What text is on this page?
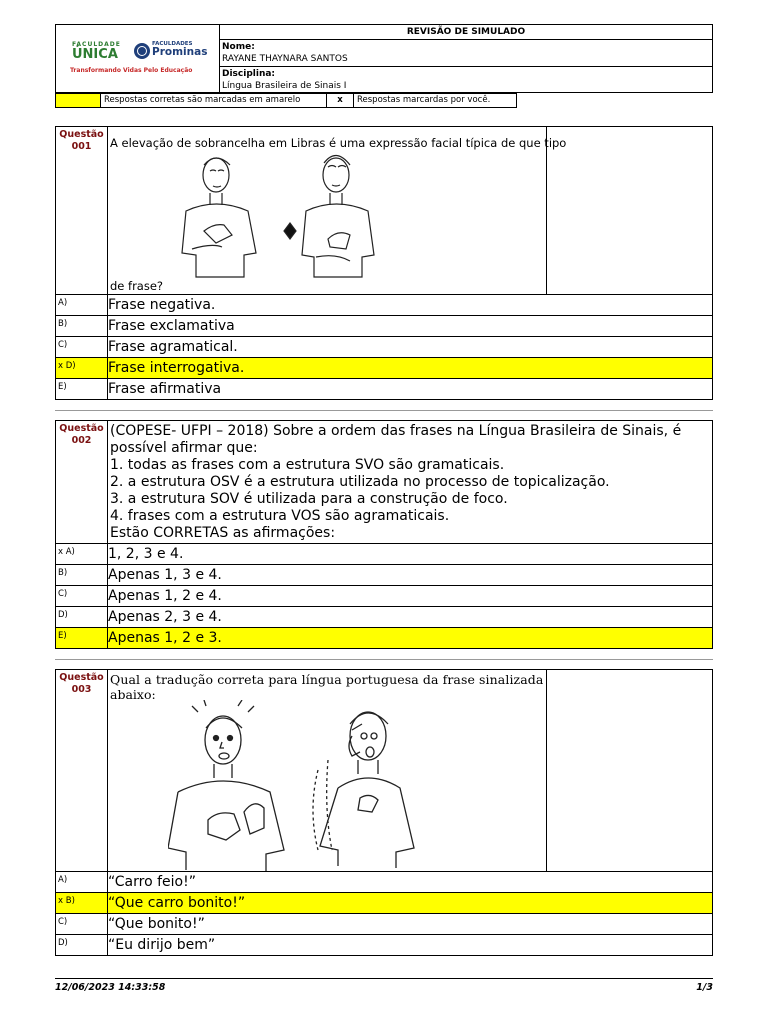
FACULDADE
ÚNICA
FACULDADES
Prominas
Transformando Vidas Pelo Educação
REVISÃO DE SIMULADO
Nome:
RAYANE THAYNARA SANTOS
Disciplina:
Língua Brasileira de Sinais I
Respostas corretas são marcadas em amarelo	x	Respostas marcardas por você.
Questão
001	A elevação de sobrancelha em Libras é uma expressão facial típica de que tipo
de frase?
A)	Frase negativa.
B)	Frase exclamativa
C)	Frase agramatical.
x D) Frase interrogativa.
E)	Frase afirmativa
Questão
002
(COPESE- UFPI – 2018) Sobre a ordem das frases na Língua Brasileira de Sinais, é
possível afirmar que:
1. todas as frases com a estrutura SVO são gramaticais.
2. a estrutura OSV é a estrutura utilizada no processo de topicalização.
3. a estrutura SOV é utilizada para a construção de foco.
4. frases com a estrutura VOS são agramaticais.
Estão CORRETAS as afirmações:
x A) 1, 2, 3 e 4.
B)	Apenas 1, 3 e 4.
C)	Apenas 1, 2 e 4.
D)	Apenas 2, 3 e 4.
E)	Apenas 1, 2 e 3.
Questão
003
Qual a tradução correta para língua portuguesa da frase sinalizada
abaixo:
A)	“Carro feio!”
x B) “Que carro bonito!”
C)	“Que bonito!”
D)	“Eu dirijo bem”
12/06/2023 14:33:58	1/3
